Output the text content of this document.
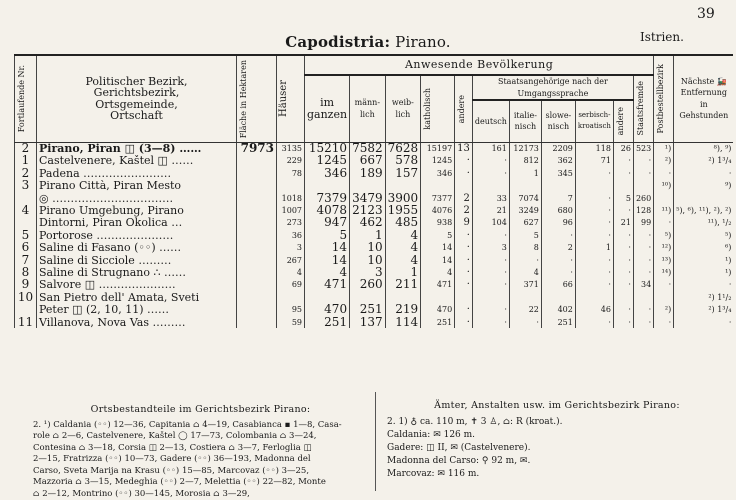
39
Istrien.
Capodistria: Pirano.
Fortlaufende Nr.	Politischer Bezirk,
Gerichtsbezirk,
Ortsgemeinde,
Ortschaft	Fläche in Hektaren	Häuser	Anwesende Bevölkerung											Postbestellbezirk	Nächste 🚂 Entfernung in Gehstunden
				im ganzen	männ-lich	weib-lich	katholisch	andere	Staatsangehörige nach der Umgangssprache					Staatsfremde		

									deutsch	italie-nisch	slowe-nisch	serbisch-kroatisch	andere			

2	Pirano, Piran ◫ (3—8) ……	7973	3135	15210	7582	7628	15197	13	161	12173	2209	118	26	523	¹)	⁸), ⁹)
1	Castelvenere, Kaštel ◫ ……		229	1245	667	578	1245	·	·	812	362	71	·	·	²)	²) 1³/₄
2	Padena ……………………		78	346	189	157	346	·	·	1	345	·	·	·	·	·
3	Pirano Città, Piran Mesto														¹⁰)	⁹)
	◎ ……………………………		1018	7379	3479	3900	7377	2	33	7074	7	·	5	260		
4	Pirano Umgebung, Pirano		1007	4078	2123	1955	4076	2	21	3249	680	·	·	128	¹¹)	⁵), ⁶), ¹¹), ²), ²)
	Dintorni, Piran Okolica …		273	947	462	485	938	9	104	627	96	·	21	99	·	¹¹), ¹/₂
5	Portorose …………………		36	5	1	4	5	·	·	5	·	·	·	·	⁵)	⁵)
6	Saline di Fasano (◦◦) ……		3	14	10	4	14	·	3	8	2	1	·	·	¹²)	⁶)
7	Saline di Sicciole ………		267	14	10	4	14	·	·	·	·	·	·	·	¹³)	¹)
8	Saline di Strugnano ∴ ……		4	4	3	1	4	·	·	4	·	·	·	·	¹⁴)	¹)
9	Salvore ◫ …………………		69	471	260	211	471	·	·	371	66	·	·	34	·	·
10	San Pietro dell' Amata, Sveti															²) 1¹/₂
	Peter ◫ (2, 10, 11) ……		95	470	251	219	470	·	·	22	402	46	·	·	²)	²) 1³/₄
11	Villanova, Nova Vas ………		59	251	137	114	251	·	·	·	251	·	·	·	·	·
Ortsbestandteile im Gerichtsbezirk Pirano:
2. ¹) Caldania (◦◦) 12—36, Capitania ⌂ 4—19, Casabianca ▪ 1—8, Casa-
role ⌂ 2—6, Castelvenere, Kaštel ◯ 17—73, Colombania ⌂ 3—24,
Contesina ⌂ 3—18, Corsia ◫ 2—13, Costiera ⌂ 3—7, Ferloglia ◫
2—15, Fratrizza (◦◦) 10—73, Gadere (◦◦) 36—193, Madonna del
Carso, Sveta Marija na Krasu (◦◦) 15—85, Marcovaz (◦◦) 3—25,
Mazzoria ⌂ 3—15, Medeghia (◦◦) 2—7, Melettia (◦◦) 22—82, Monte
⌂ 2—12, Montrino (◦◦) 30—145, Morosia ⌂ 3—29,
Ämter, Anstalten usw. im Gerichtsbezirk Pirano:
2. 1) ♁ ca. 110 m, ✝ 3 ♙, ⌂: R (kroat.).
Caldania: ✉ 126 m.
Gadere: ◫ II, ✉ (Castelvenere).
Madonna del Carso: ⚲ 92 m, ✉.
Marcovaz: ✉ 116 m.
